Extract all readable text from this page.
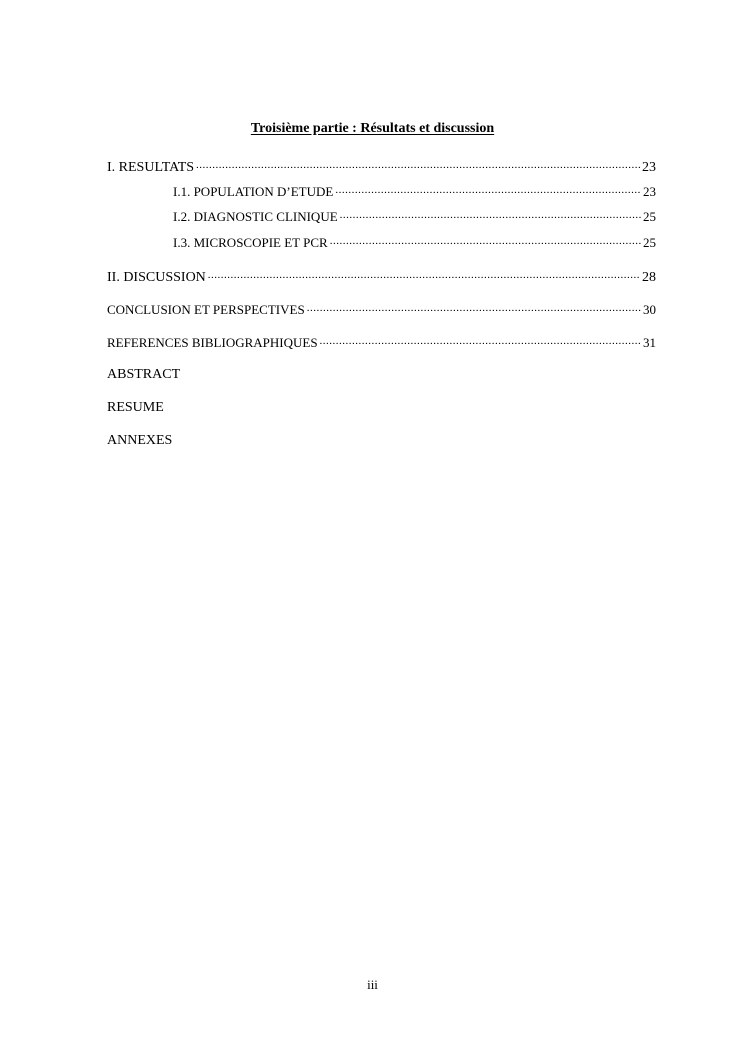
Troisième partie : Résultats et discussion
I. RESULTATS .....	23
I.1. POPULATION D’ETUDE .....	23
I.2. DIAGNOSTIC CLINIQUE .....	25
I.3. MICROSCOPIE ET PCR .....	25
II. DISCUSSION .....	28
CONCLUSION ET PERSPECTIVES .....	30
REFERENCES BIBLIOGRAPHIQUES .....	31
ABSTRACT
RESUME
ANNEXES
iii
